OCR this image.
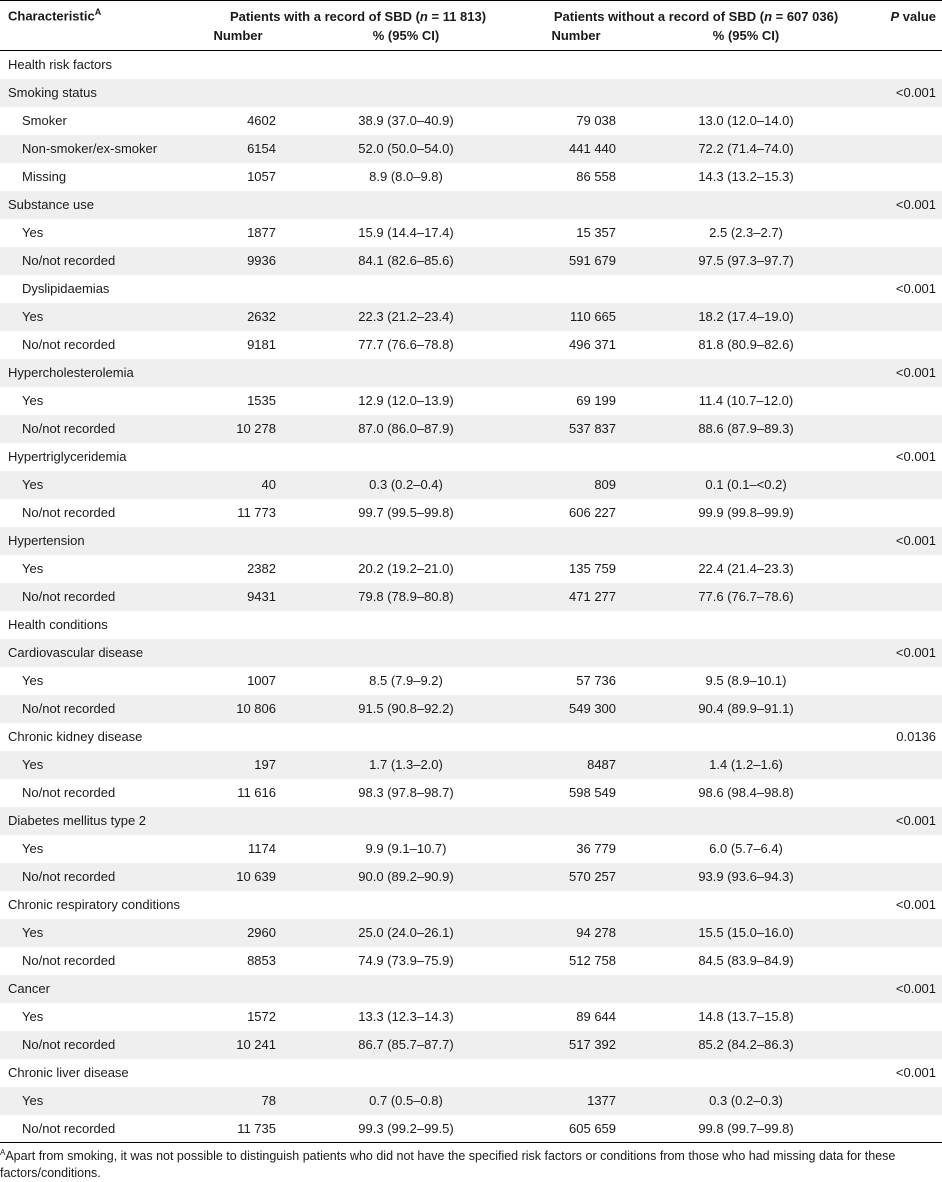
Characteristic$^A$	Patients with a record of SBD (n = 11 813)		Patients without a record of SBD (n = 607 036)		P value
	Number	% (95% CI)	Number	% (95% CI)	
Health risk factors					
Smoking status					<0.001
Smoker	4602	38.9 (37.0–40.9)	79 038	13.0 (12.0–14.0)	
Non-smoker/ex-smoker	6154	52.0 (50.0–54.0)	441 440	72.2 (71.4–74.0)	
Missing	1057	8.9 (8.0–9.8)	86 558	14.3 (13.2–15.3)	
Substance use					<0.001
Yes	1877	15.9 (14.4–17.4)	15 357	2.5 (2.3–2.7)	
No/not recorded	9936	84.1 (82.6–85.6)	591 679	97.5 (97.3–97.7)	
Dyslipidaemias					<0.001
Yes	2632	22.3 (21.2–23.4)	110 665	18.2 (17.4–19.0)	
No/not recorded	9181	77.7 (76.6–78.8)	496 371	81.8 (80.9–82.6)	
Hypercholesterolemia					<0.001
Yes	1535	12.9 (12.0–13.9)	69 199	11.4 (10.7–12.0)	
No/not recorded	10 278	87.0 (86.0–87.9)	537 837	88.6 (87.9–89.3)	
Hypertriglyceridemia					<0.001
Yes	40	0.3 (0.2–0.4)	809	0.1 (0.1–<0.2)	
No/not recorded	11 773	99.7 (99.5–99.8)	606 227	99.9 (99.8–99.9)	
Hypertension					<0.001
Yes	2382	20.2 (19.2–21.0)	135 759	22.4 (21.4–23.3)	
No/not recorded	9431	79.8 (78.9–80.8)	471 277	77.6 (76.7–78.6)	
Health conditions					
Cardiovascular disease					<0.001
Yes	1007	8.5 (7.9–9.2)	57 736	9.5 (8.9–10.1)	
No/not recorded	10 806	91.5 (90.8–92.2)	549 300	90.4 (89.9–91.1)	
Chronic kidney disease					0.0136
Yes	197	1.7 (1.3–2.0)	8487	1.4 (1.2–1.6)	
No/not recorded	11 616	98.3 (97.8–98.7)	598 549	98.6 (98.4–98.8)	
Diabetes mellitus type 2					<0.001
Yes	1174	9.9 (9.1–10.7)	36 779	6.0 (5.7–6.4)	
No/not recorded	10 639	90.0 (89.2–90.9)	570 257	93.9 (93.6–94.3)	
Chronic respiratory conditions					<0.001
Yes	2960	25.0 (24.0–26.1)	94 278	15.5 (15.0–16.0)	
No/not recorded	8853	74.9 (73.9–75.9)	512 758	84.5 (83.9–84.9)	
Cancer					<0.001
Yes	1572	13.3 (12.3–14.3)	89 644	14.8 (13.7–15.8)	
No/not recorded	10 241	86.7 (85.7–87.7)	517 392	85.2 (84.2–86.3)	
Chronic liver disease					<0.001
Yes	78	0.7 (0.5–0.8)	1377	0.3 (0.2–0.3)	
No/not recorded	11 735	99.3 (99.2–99.5)	605 659	99.8 (99.7–99.8)	
$^A$Apart from smoking, it was not possible to distinguish patients who did not have the specified risk factors or conditions from those who had missing data for these factors/conditions.
